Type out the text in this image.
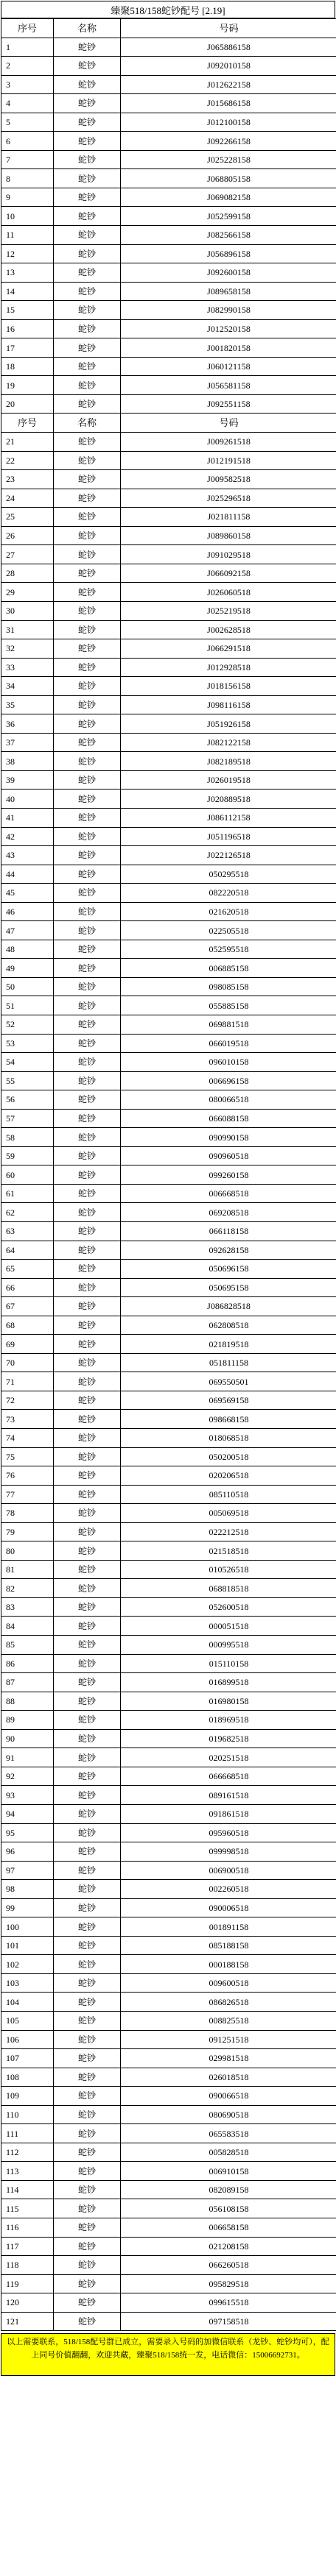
臻聚518/158蛇钞配号 [2.19]
序号	名称	号码
1	蛇钞	J065886158
2	蛇钞	J092010158
3	蛇钞	J012622158
4	蛇钞	J015686158
5	蛇钞	J012100158
6	蛇钞	J092266158
7	蛇钞	J025228158
8	蛇钞	J068805158
9	蛇钞	J069082158
10	蛇钞	J052599158
11	蛇钞	J082566158
12	蛇钞	J056896158
13	蛇钞	J092600158
14	蛇钞	J089658158
15	蛇钞	J082990158
16	蛇钞	J012520158
17	蛇钞	J001820158
18	蛇钞	J060121158
19	蛇钞	J056581158
20	蛇钞	J092551158
序号	名称	号码
21	蛇钞	J009261518
22	蛇钞	J012191518
23	蛇钞	J009582518
24	蛇钞	J025296518
25	蛇钞	J021811158
26	蛇钞	J089860158
27	蛇钞	J091029518
28	蛇钞	J066092158
29	蛇钞	J026060518
30	蛇钞	J025219518
31	蛇钞	J002628518
32	蛇钞	J066291518
33	蛇钞	J012928518
34	蛇钞	J018156158
35	蛇钞	J098116158
36	蛇钞	J051926158
37	蛇钞	J082122158
38	蛇钞	J082189518
39	蛇钞	J026019518
40	蛇钞	J020889518
41	蛇钞	J086112158
42	蛇钞	J051196518
43	蛇钞	J022126518
44	蛇钞	050295518
45	蛇钞	082220518
46	蛇钞	021620518
47	蛇钞	022505518
48	蛇钞	052595518
49	蛇钞	006885158
50	蛇钞	098085158
51	蛇钞	055885158
52	蛇钞	069881518
53	蛇钞	066019518
54	蛇钞	096010158
55	蛇钞	006696158
56	蛇钞	080066518
57	蛇钞	066088158
58	蛇钞	090990158
59	蛇钞	090960518
60	蛇钞	099260158
61	蛇钞	006668518
62	蛇钞	069208518
63	蛇钞	066118158
64	蛇钞	092628158
65	蛇钞	050696158
66	蛇钞	050695158
67	蛇钞	J086828518
68	蛇钞	062808518
69	蛇钞	021819518
70	蛇钞	051811158
71	蛇钞	069550501
72	蛇钞	069569158
73	蛇钞	098668158
74	蛇钞	018068518
75	蛇钞	050200518
76	蛇钞	020206518
77	蛇钞	085110518
78	蛇钞	005069518
79	蛇钞	022212518
80	蛇钞	021518518
81	蛇钞	010526518
82	蛇钞	068818518
83	蛇钞	052600518
84	蛇钞	000051518
85	蛇钞	000995518
86	蛇钞	015110158
87	蛇钞	016899518
88	蛇钞	016980158
89	蛇钞	018969518
90	蛇钞	019682518
91	蛇钞	020251518
92	蛇钞	066668518
93	蛇钞	089161518
94	蛇钞	091861518
95	蛇钞	095960518
96	蛇钞	099998518
97	蛇钞	006900518
98	蛇钞	002260518
99	蛇钞	090006518
100	蛇钞	001891158
101	蛇钞	085188158
102	蛇钞	000188158
103	蛇钞	009600518
104	蛇钞	086826518
105	蛇钞	008825518
106	蛇钞	091251518
107	蛇钞	029981518
108	蛇钞	026018518
109	蛇钞	090066518
110	蛇钞	080690518
111	蛇钞	065583518
112	蛇钞	005828518
113	蛇钞	006910158
114	蛇钞	082089158
115	蛇钞	056108158
116	蛇钞	006658158
117	蛇钞	021208158
118	蛇钞	066260518
119	蛇钞	095829518
120	蛇钞	099615518
121	蛇钞	097158518
以上需要联系，518/158配号群已成立，需要录入号码的加微信联系（龙钞、蛇钞均可），配上同号价值翻翻，欢迎共藏，臻聚518/158统一发，电话微信：15006692731。
